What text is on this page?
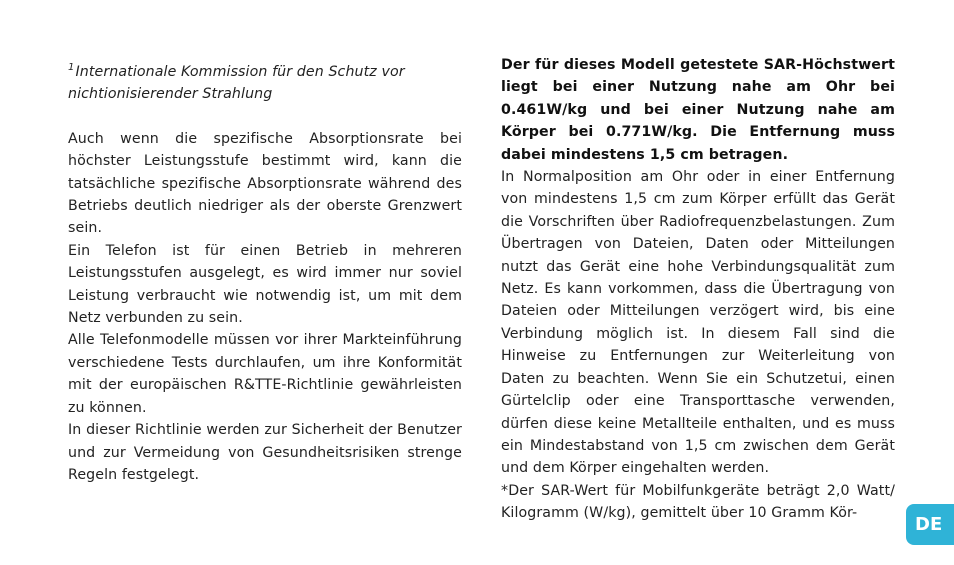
$^1$Internationale Kommission für den Schutz vor nichtionisierender Strahlung

Auch wenn die spezifische Absorptionsrate bei höchster Leistungsstufe bestimmt wird, kann die tatsächliche spezifische Absorptionsrate während des Betriebs deutlich niedriger als der oberste Grenzwert sein.

Ein Telefon ist für einen Betrieb in mehreren Leistungsstufen ausgelegt, es wird immer nur soviel Leistung verbraucht wie notwendig ist, um mit dem Netz verbunden zu sein.

Alle Telefonmodelle müssen vor ihrer Markteinführung verschiedene Tests durchlaufen, um ihre Konformität mit der europäischen R&TTE-Richtlinie gewährleisten zu können.

In dieser Richtlinie werden zur Sicherheit der Benutzer und zur Vermeidung von Gesundheitsrisiken strenge Regeln festgelegt.

Der für dieses Modell getestete SAR-Höchstwert liegt bei einer Nutzung nahe am Ohr bei 0.461W/kg und bei einer Nutzung nahe am Körper bei 0.771W/kg. Die Entfernung muss dabei mindestens 1,5 cm betragen.

In Normalposition am Ohr oder in einer Entfernung von mindestens 1,5 cm zum Körper erfüllt das Gerät die Vorschriften über Radiofrequenzbelastungen. Zum Übertragen von Dateien, Daten oder Mitteilungen nutzt das Gerät eine hohe Verbindungsqualität zum Netz. Es kann vorkommen, dass die Übertragung von Dateien oder Mitteilungen verzögert wird, bis eine Verbindung möglich ist. In diesem Fall sind die Hinweise zu Entfernungen zur Weiterleitung von Daten zu beachten. Wenn Sie ein Schutzetui, einen Gürtelclip oder eine Transporttasche verwenden, dürfen diese keine Metallteile enthalten, und es muss ein Mindestabstand von 1,5 cm zwischen dem Gerät und dem Körper eingehalten werden.

*Der SAR-Wert für Mobilfunkgeräte beträgt 2,0 Watt/ Kilogramm (W/kg), gemittelt über 10 Gramm Kör-

DE
